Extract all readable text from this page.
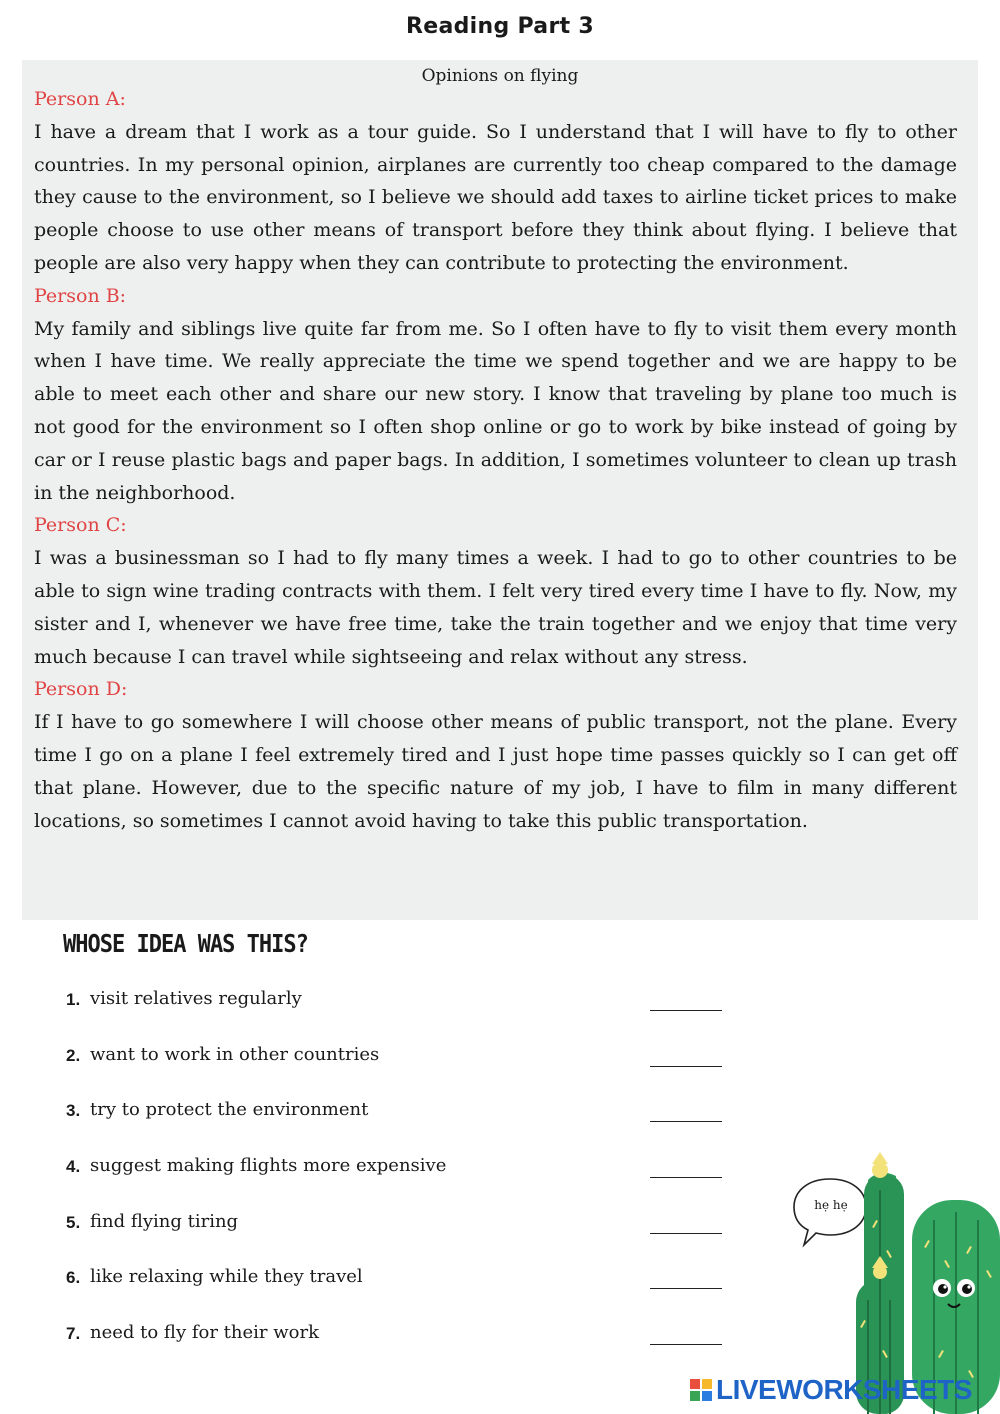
Reading Part 3
Opinions on flying
Person A:
I have a dream that I work as a tour guide. So I understand that I will have to fly to other countries. In my personal opinion, airplanes are currently too cheap compared to the damage they cause to the environment, so I believe we should add taxes to airline ticket prices to make people choose to use other means of transport before they think about flying. I believe that people are also very happy when they can contribute to protecting the environment.
Person B:
My family and siblings live quite far from me. So I often have to fly to visit them every month when I have time. We really appreciate the time we spend together and we are happy to be able to meet each other and share our new story. I know that traveling by plane too much is not good for the environment so I often shop online or go to work by bike instead of going by car or I reuse plastic bags and paper bags. In addition, I sometimes volunteer to clean up trash in the neighborhood.
Person C:
I was a businessman so I had to fly many times a week. I had to go to other countries to be able to sign wine trading contracts with them. I felt very tired every time I have to fly. Now, my sister and I, whenever we have free time, take the train together and we enjoy that time very much because I can travel while sightseeing and relax without any stress.
Person D:
If I have to go somewhere I will choose other means of public transport, not the plane. Every time I go on a plane I feel extremely tired and I just hope time passes quickly so I can get off that plane. However, due to the specific nature of my job, I have to film in many different locations, so sometimes I cannot avoid having to take this public transportation.
WHOSE IDEA WAS THIS?
1. visit relatives regularly
2. want to work in other countries
3. try to protect the environment
4. suggest making flights more expensive
5. find flying tiring
6. like relaxing while they travel
7. need to fly for their work
hẹ hẹ
LIVEWORKSHEETS
